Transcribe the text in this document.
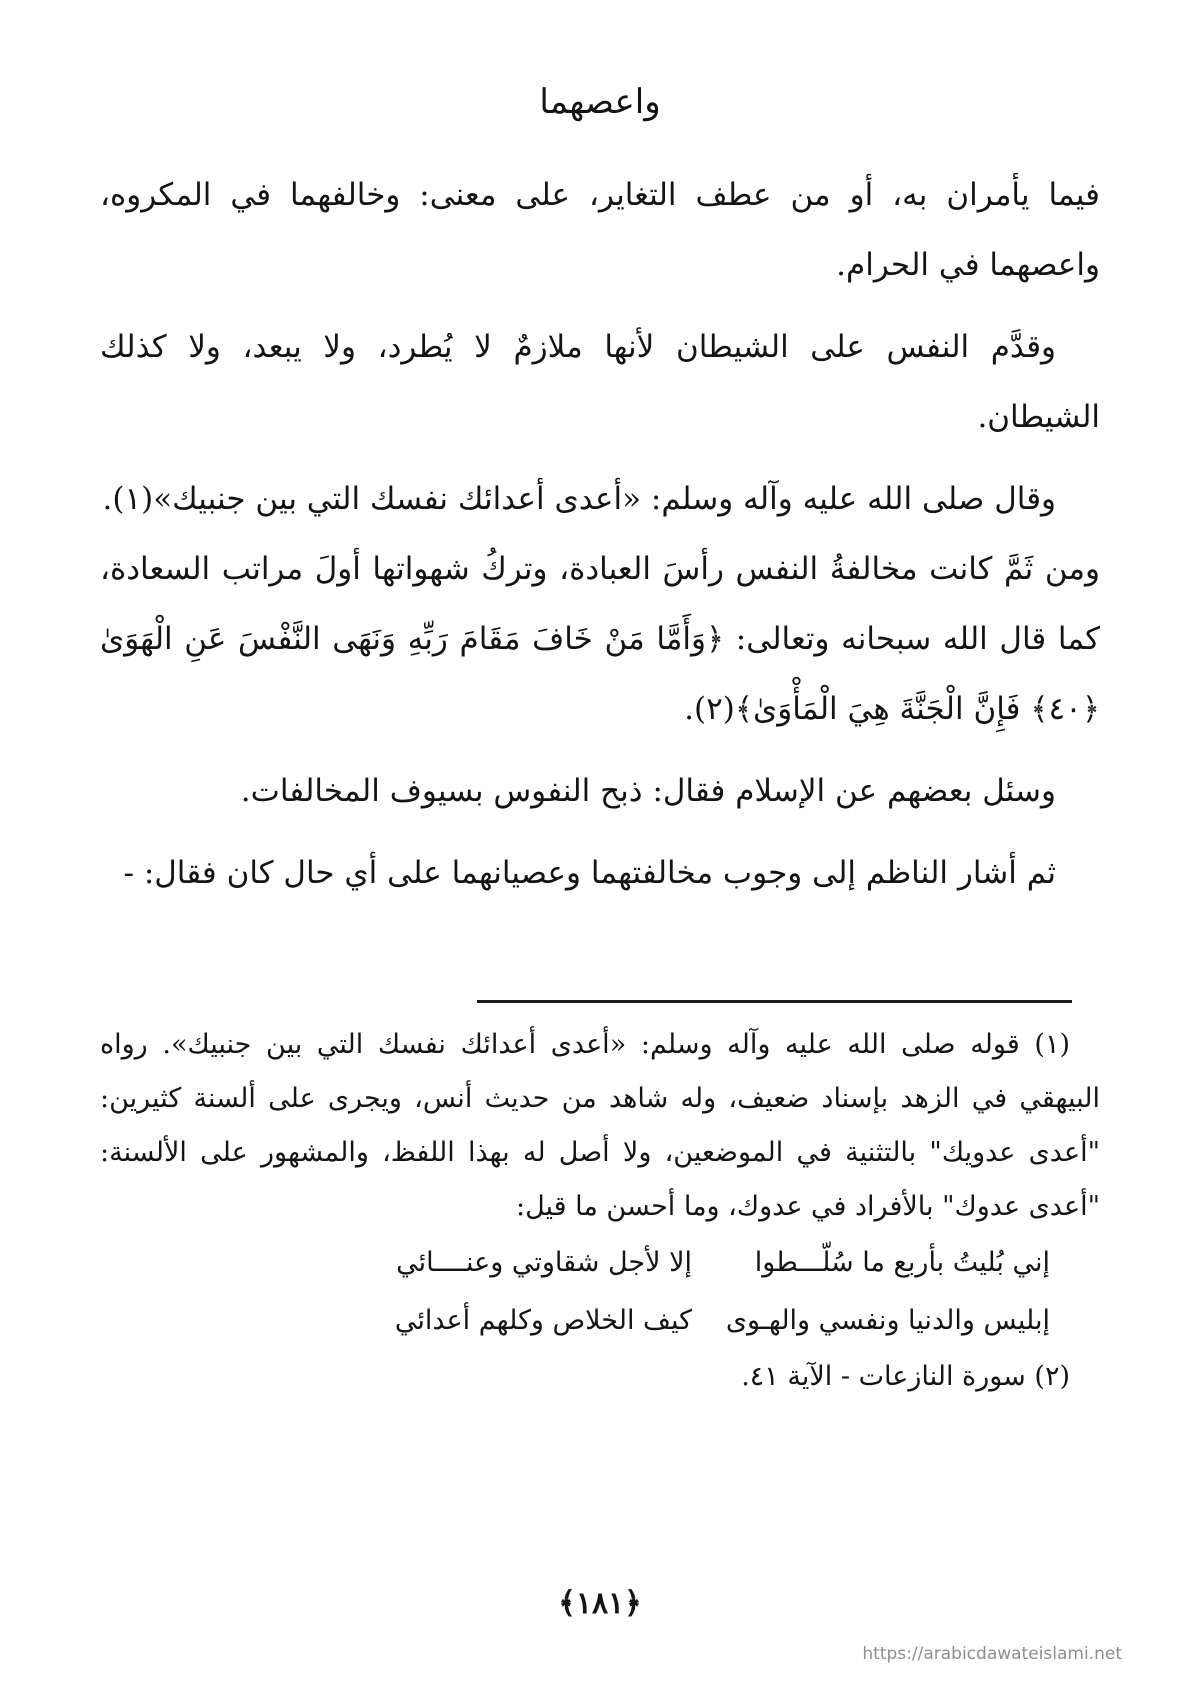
واعصهما

فيما يأمران به، أو من عطف التغاير، على معنى: وخالفهما في المكروه، واعصهما في الحرام.

وقدَّم النفس على الشيطان لأنها ملازمٌ لا يُطرد، ولا يبعد، ولا كذلك الشيطان.

وقال صلى الله عليه وآله وسلم: «أعدى أعدائك نفسك التي بين جنبيك»(١).

ومن ثَمَّ كانت مخالفةُ النفس رأسَ العبادة، وتركُ شهواتها أولَ مراتب السعادة، كما قال الله سبحانه وتعالى: ﴿وَأَمَّا مَنْ خَافَ مَقَامَ رَبِّهِ وَنَهَى النَّفْسَ عَنِ الْهَوَىٰ ﴿٤٠﴾ فَإِنَّ الْجَنَّةَ هِيَ الْمَأْوَىٰ﴾(٢).

وسئل بعضهم عن الإسلام فقال: ذبح النفوس بسيوف المخالفات.

ثم أشار الناظم إلى وجوب مخالفتهما وعصيانهما على أي حال كان فقال: -

(١) قوله صلى الله عليه وآله وسلم: «أعدى أعدائك نفسك التي بين جنبيك». رواه البيهقي في الزهد بإسناد ضعيف، وله شاهد من حديث أنس، ويجرى على ألسنة كثيرين: "أعدى عدويك" بالتثنية في الموضعين، ولا أصل له بهذا اللفظ، والمشهور على الألسنة: "أعدى عدوك" بالأفراد في عدوك، وما أحسن ما قيل:

إني بُليتُ بأربع ما سُلّـــطوا
إلا لأجل شقاوتي وعنــــائي
إبليس والدنيا ونفسي والهـوى
كيف الخلاص وكلهم أعدائي

(٢) سورة النازعات - الآية ٤١.

﴿١٨١﴾
https://arabicdawateislami.net
